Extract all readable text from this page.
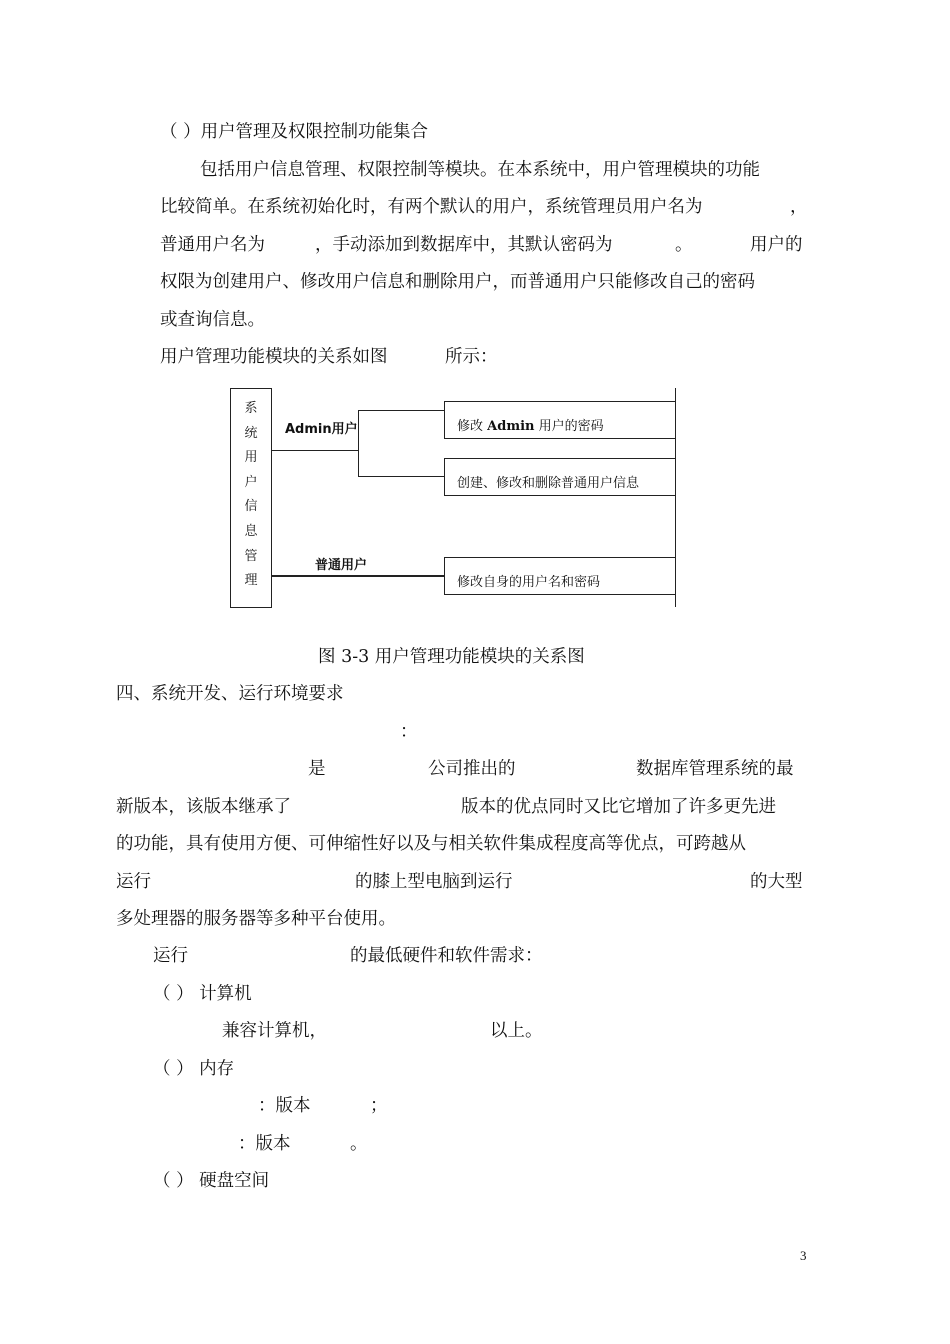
（ ）用户管理及权限控制功能集合
包括用户信息管理、权限控制等模块。在本系统中，用户管理模块的功能
比较简单。在系统初始化时，有两个默认的用户，系统管理员用户名为	，
普通用户名为	，手动添加到数据库中，其默认密码为	。	用户的
权限为创建用户、修改用户信息和删除用户，而普通用户只能修改自己的密码
或查询信息。
用户管理功能模块的关系如图	所示：
系
统
用
户
信
息
管
理
Admin用户
普通用户
修改 Admin 用户的密码
创建、修改和删除普通用户信息
修改自身的用户名和密码
图 3-3 用户管理功能模块的关系图
四、系统开发、运行环境要求
：
是	公司推出的	数据库管理系统的最
新版本，该版本继承了	版本的优点同时又比它增加了许多更先进
的功能，具有使用方便、可伸缩性好以及与相关软件集成程度高等优点，可跨越从
运行	的膝上型电脑到运行	的大型
多处理器的服务器等多种平台使用。
运行	的最低硬件和软件需求：
（ ） 计算机
兼容计算机，	以上。
（ ） 内存
：版本	；
：版本	。
（ ） 硬盘空间
3
